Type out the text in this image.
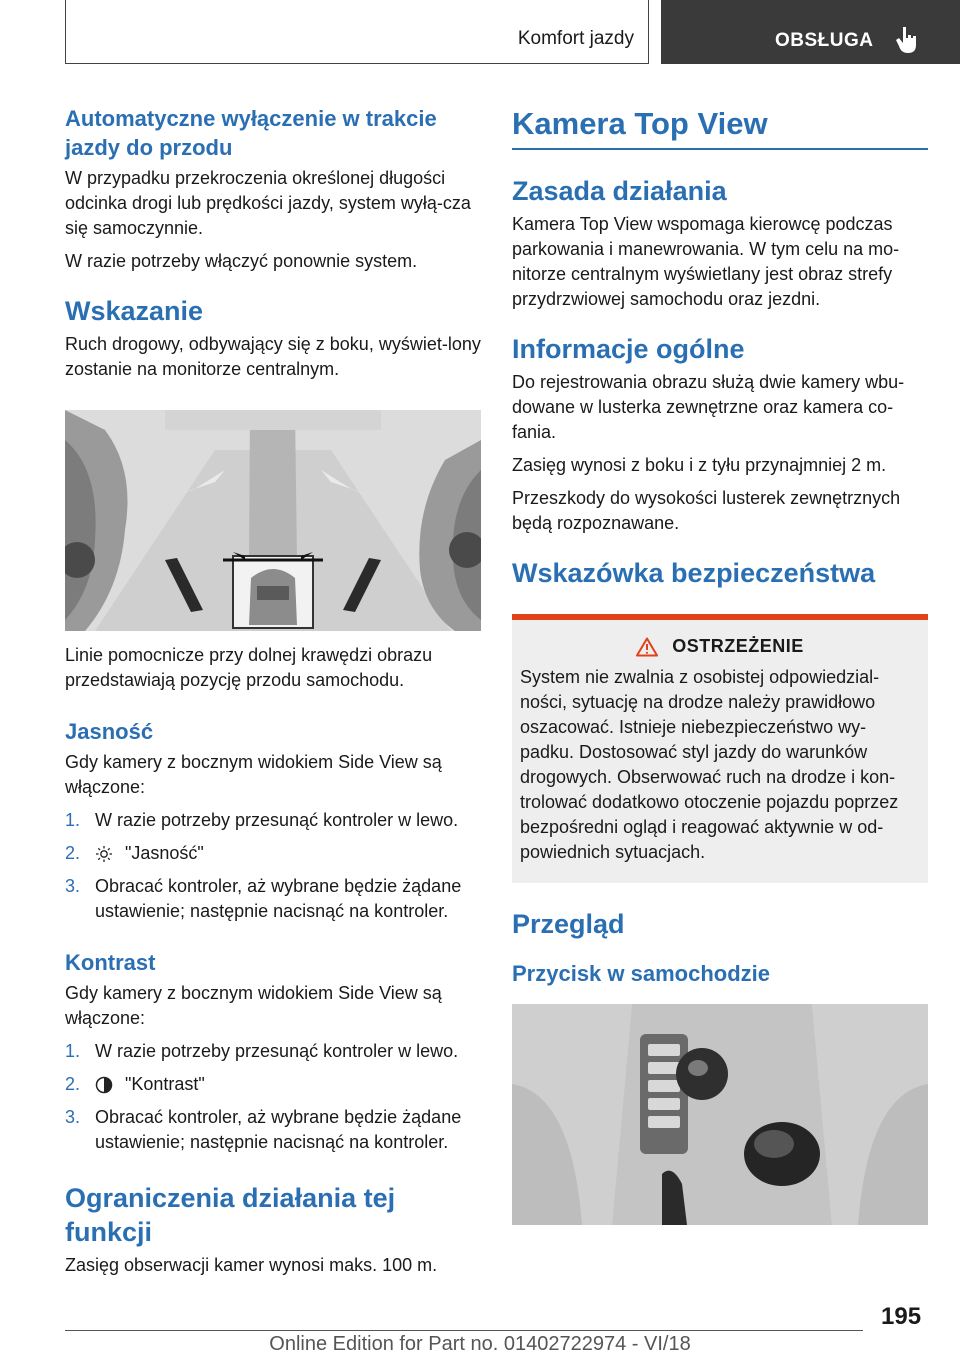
Komfort jazdy	OBSŁUGA
Automatyczne wyłączenie w trakcie jazdy do przodu

W przypadku przekroczenia określonej długości odcinka drogi lub prędkości jazdy, system wyłą-cza się samoczynnie.

W razie potrzeby włączyć ponownie system.

Wskazanie

Ruch drogowy, odbywający się z boku, wyświet-lony zostanie na monitorze centralnym.

Linie pomocnicze przy dolnej krawędzi obrazu przedstawiają pozycję przodu samochodu.

Jasność

Gdy kamery z bocznym widokiem Side View są włączone:

1. W razie potrzeby przesunąć kontroler w lewo.
2. "Jasność"
3. Obracać kontroler, aż wybrane będzie żądane ustawienie; następnie nacisnąć na kontroler.
Kontrast

Gdy kamery z bocznym widokiem Side View są włączone:

1. W razie potrzeby przesunąć kontroler w lewo.
2. "Kontrast"
3. Obracać kontroler, aż wybrane będzie żądane ustawienie; następnie nacisnąć na kontroler.
Ograniczenia działania tej funkcji

Zasięg obserwacji kamer wynosi maks. 100 m.

Kamera Top View
Zasada działania

Kamera Top View wspomaga kierowcę podczas parkowania i manewrowania. W tym celu na mo-nitorze centralnym wyświetlany jest obraz strefy przydrzwiowej samochodu oraz jezdni.

Informacje ogólne

Do rejestrowania obrazu służą dwie kamery wbu-dowane w lusterka zewnętrzne oraz kamera co-fania.

Zasięg wynosi z boku i z tyłu przynajmniej 2 m.

Przeszkody do wysokości lusterek zewnętrznych będą rozpoznawane.

Wskazówka bezpieczeństwa
OSTRZEŻENIE

System nie zwalnia z osobistej odpowiedzial-ności, sytuację na drodze należy prawidłowo oszacować. Istnieje niebezpieczeństwo wy-padku. Dostosować styl jazdy do warunków drogowych. Obserwować ruch na drodze i kon-trolować dodatkowo otoczenie pojazdu poprzez bezpośredni ogląd i reagować aktywnie w od-powiednich sytuacjach.

Przegląd
Przycisk w samochodzie
195
Online Edition for Part no. 01402722974 - VI/18
